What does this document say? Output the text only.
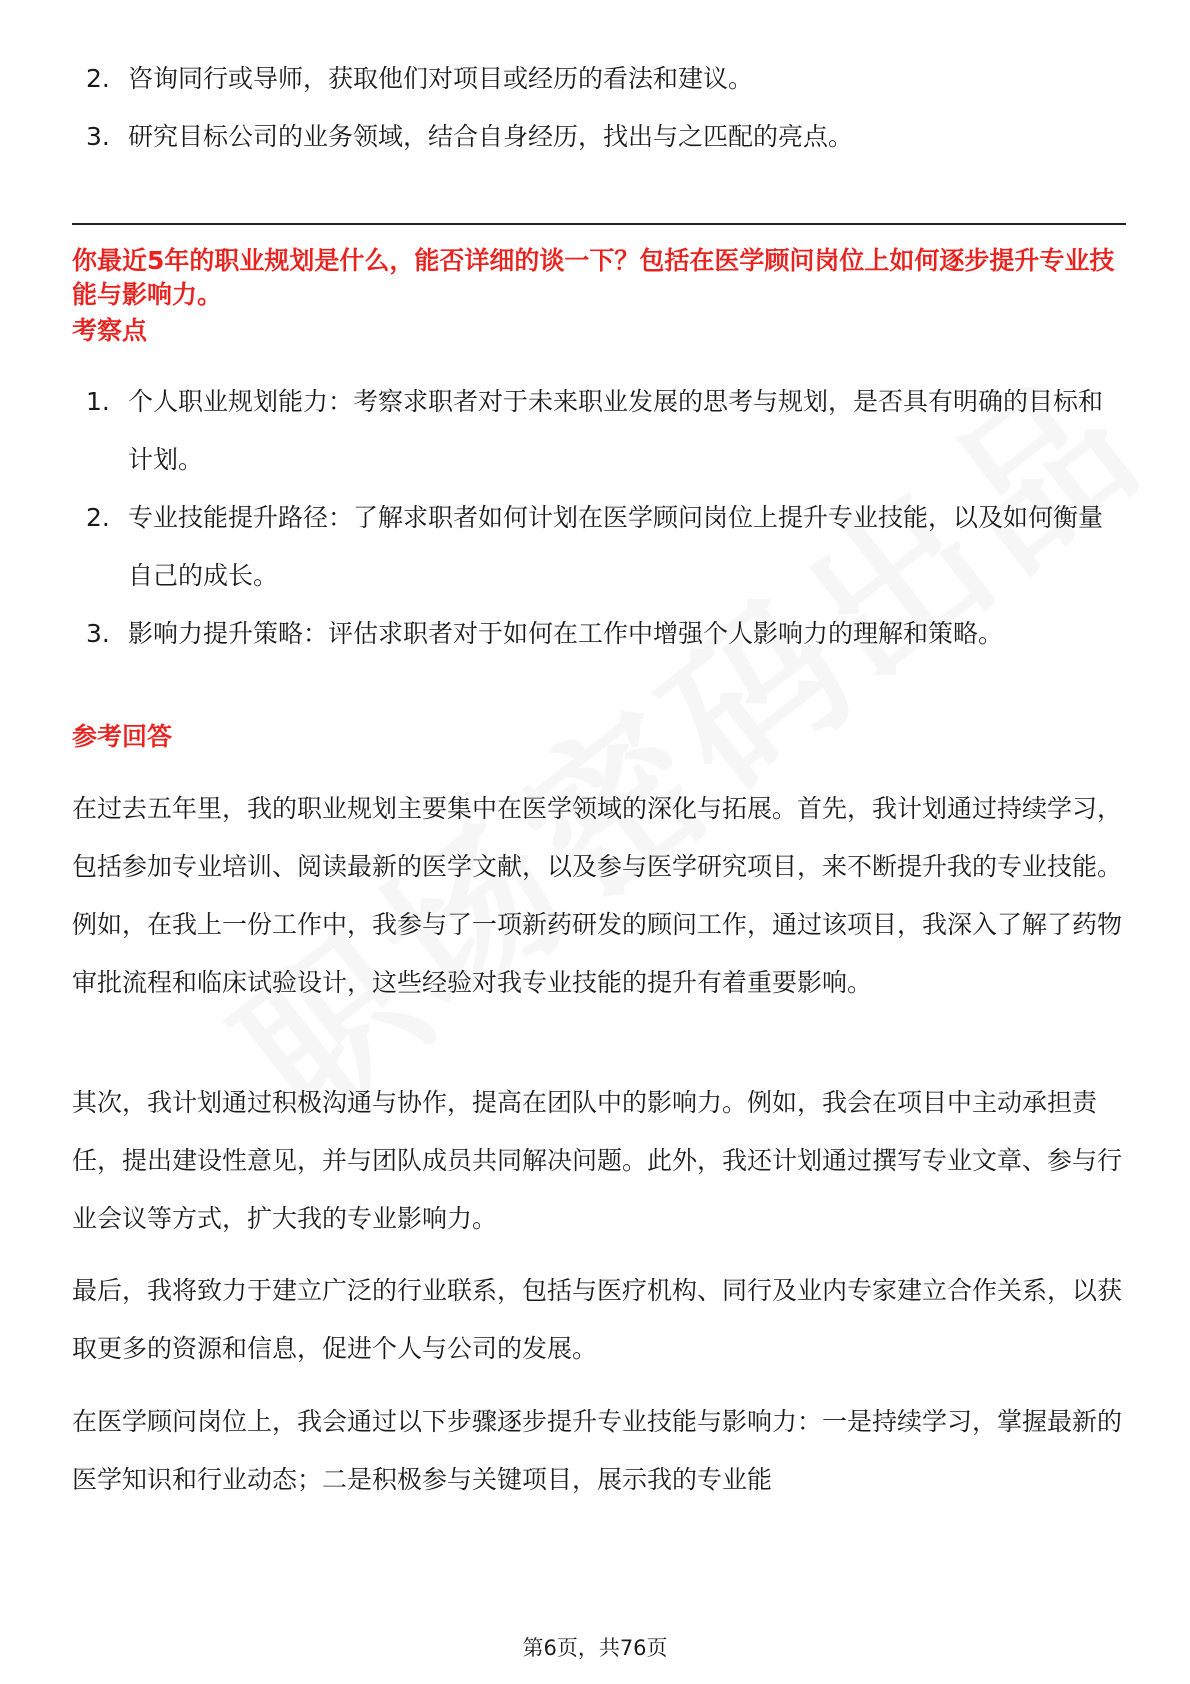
2. 咨询同行或导师，获取他们对项目或经历的看法和建议。
3. 研究目标公司的业务领域，结合自身经历，找出与之匹配的亮点。
你最近5年的职业规划是什么，能否详细的谈一下？包括在医学顾问岗位上如何逐步提升专业技能与影响力。
考察点
1. 个人职业规划能力：考察求职者对于未来职业发展的思考与规划，是否具有明确的目标和计划。
2. 专业技能提升路径：了解求职者如何计划在医学顾问岗位上提升专业技能，以及如何衡量自己的成长。
3. 影响力提升策略：评估求职者对于如何在工作中增强个人影响力的理解和策略。
参考回答

在过去五年里，我的职业规划主要集中在医学领域的深化与拓展。首先，我计划通过持续学习，包括参加专业培训、阅读最新的医学文献，以及参与医学研究项目，来不断提升我的专业技能。例如，在我上一份工作中，我参与了一项新药研发的顾问工作，通过该项目，我深入了解了药物审批流程和临床试验设计，这些经验对我专业技能的提升有着重要影响。

其次，我计划通过积极沟通与协作，提高在团队中的影响力。例如，我会在项目中主动承担责任，提出建设性意见，并与团队成员共同解决问题。此外，我还计划通过撰写专业文章、参与行业会议等方式，扩大我的专业影响力。

最后，我将致力于建立广泛的行业联系，包括与医疗机构、同行及业内专家建立合作关系，以获取更多的资源和信息，促进个人与公司的发展。

在医学顾问岗位上，我会通过以下步骤逐步提升专业技能与影响力：一是持续学习，掌握最新的医学知识和行业动态；二是积极参与关键项目，展示我的专业能

第6页，共76页
